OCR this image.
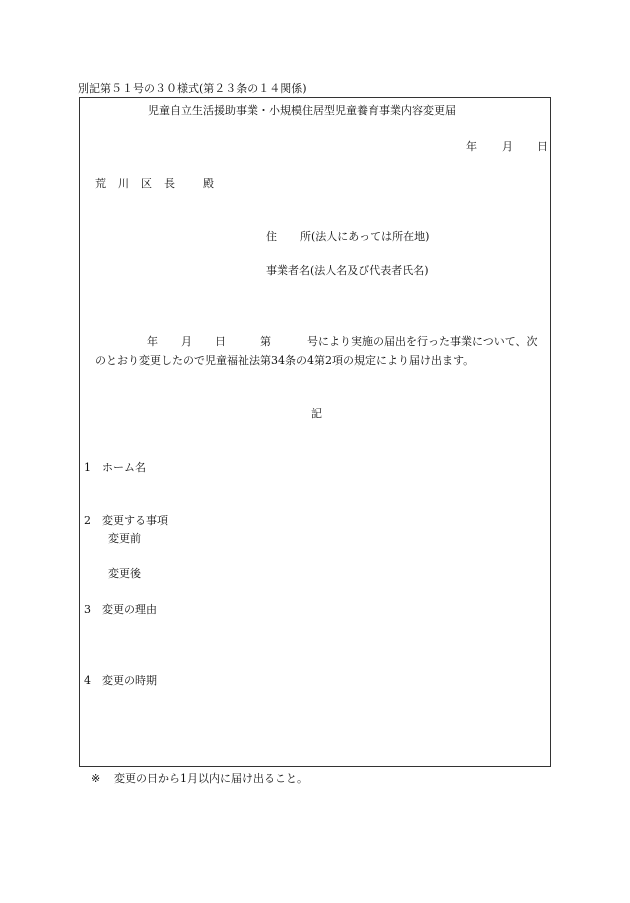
別記第５１号の３０様式(第２３条の１４関係)
児童自立生活援助事業・小規模住居型児童養育事業内容変更届
年 月 日
荒 川 区 長	殿
住 所(法人にあっては所在地)
事業者名(法人名及び代表者氏名)
年 月 日	第	号により実施の届出を行った事業について、次
のとおり変更したので児童福祉法第34条の4第2項の規定により届け出ます。
記
1 ホーム名
2 変更する事項
変更前
変更後
3 変更の理由
4 変更の時期
※ 変更の日から1月以内に届け出ること。
